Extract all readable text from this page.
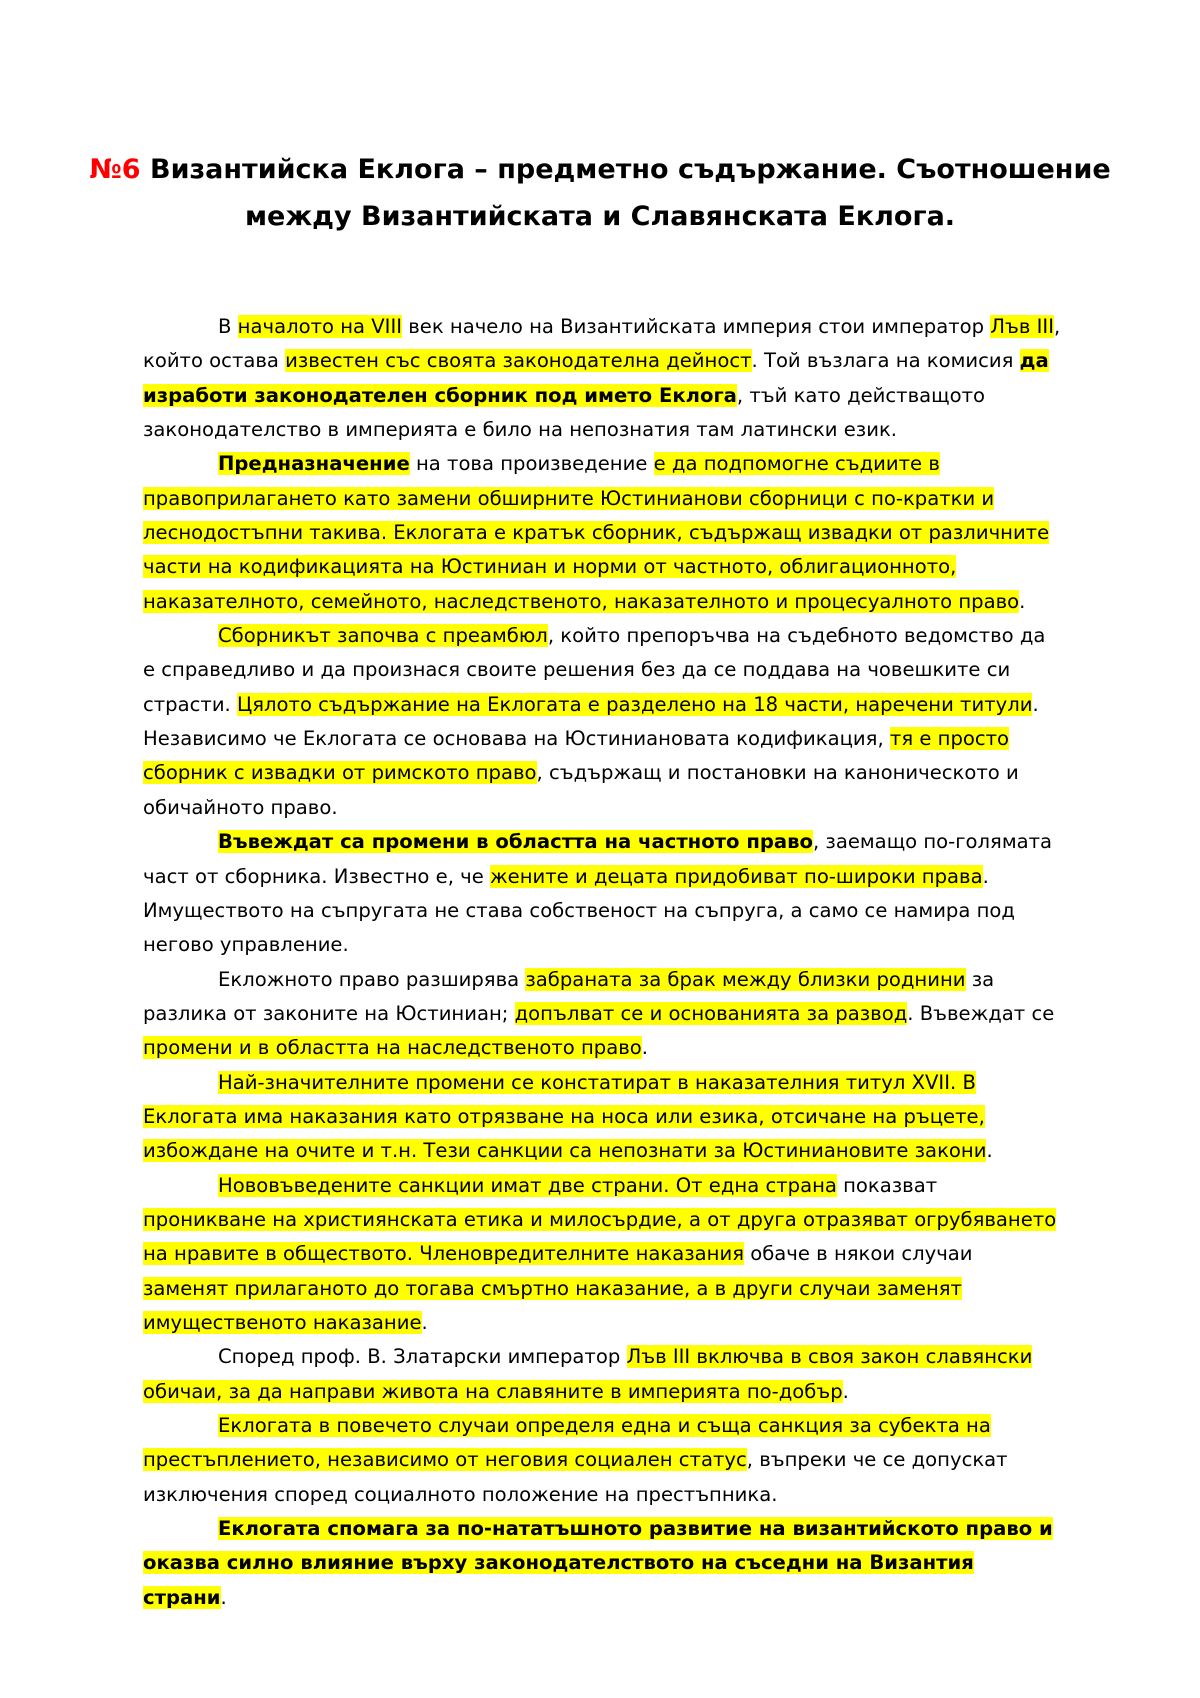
№6 Византийска Еклога – предметно съдържание. Съотношение между Византийската и Славянската Еклога.

В началото на VIII век начело на Византийската империя стои император Лъв III, който остава известен със своята законодателна дейност. Той възлага на комисия да изработи законодателен сборник под името Еклога, тъй като действащото законодателство в империята е било на непознатия там латински език.

Предназначение на това произведение е да подпомогне съдиите в правоприлагането като замени обширните Юстинианови сборници с по-кратки и леснодостъпни такива. Еклогата е кратък сборник, съдържащ извадки от различните части на кодификацията на Юстиниан и норми от частното, облигационното, наказателното, семейното, наследственото, наказателното и процесуалното право.

Сборникът започва с преамбюл, който препоръчва на съдебното ведомство да е справедливо и да произнася своите решения без да се поддава на човешките си страсти. Цялото съдържание на Еклогата е разделено на 18 части, наречени титули. Независимо че Еклогата се основава на Юстиниановата кодификация, тя е просто сборник с извадки от римското право, съдържащ и постановки на каноническото и обичайното право.

Въвеждат са промени в областта на частното право, заемащо по-голямата част от сборника. Известно е, че жените и децата придобиват по-широки права. Имуществото на съпругата не става собственост на съпруга, а само се намира под негово управление.

Екложното право разширява забраната за брак между близки роднини за разлика от законите на Юстиниан; допълват се и основанията за развод. Въвеждат се промени и в областта на наследственото право.

Най-значителните промени се констатират в наказателния титул XVII. В Еклогата има наказания като отрязване на носа или езика, отсичане на ръцете, избождане на очите и т.н. Тези санкции са непознати за Юстиниановите закони.

Нововъведените санкции имат две страни. От една страна показват проникване на християнската етика и милосърдие, а от друга отразяват огрубяването на нравите в обществото. Членовредителните наказания обаче в някои случаи заменят прилаганото до тогава смъртно наказание, а в други случаи заменят имущественото наказание.

Според проф. В. Златарски император Лъв III включва в своя закон славянски обичаи, за да направи живота на славяните в империята по-добър.

Еклогата в повечето случаи определя една и съща санкция за субекта на престъплението, независимо от неговия социален статус, въпреки че се допускат изключения според социалното положение на престъпника.

Еклогата спомага за по-нататъшното развитие на византийското право и оказва силно влияние върху законодателството на съседни на Византия страни.
